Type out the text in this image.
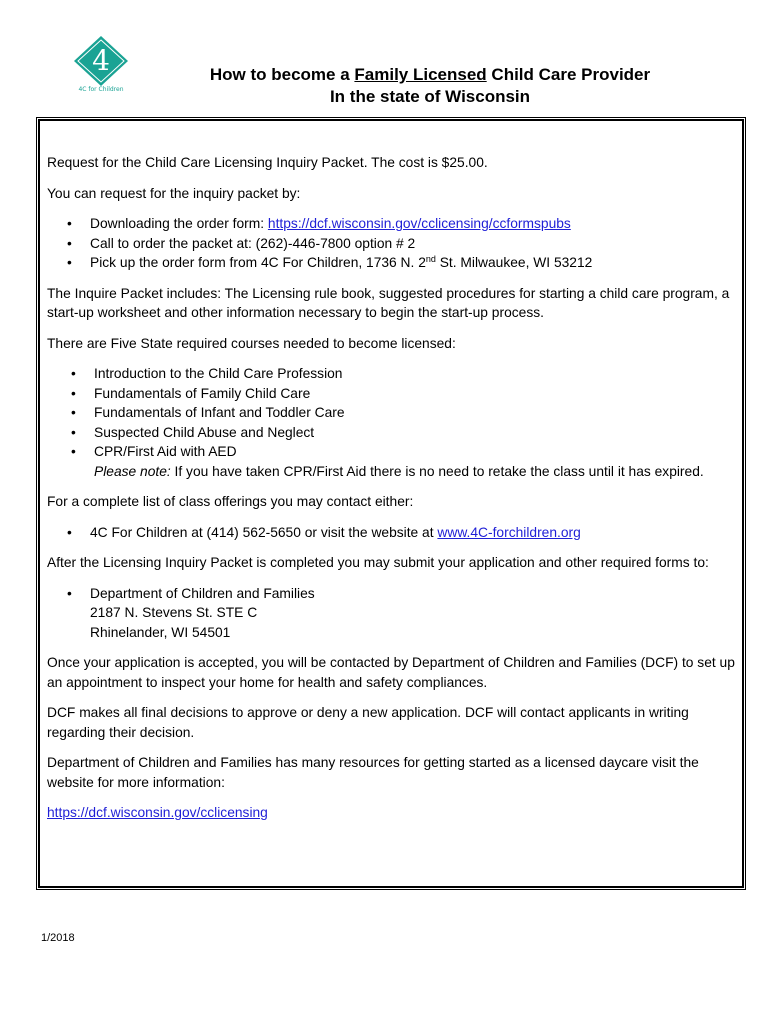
4
4C for Children
How to become a Family Licensed Child Care Provider
In the state of Wisconsin

Request for the Child Care Licensing Inquiry Packet. The cost is $25.00.

You can request for the inquiry packet by:

• Downloading the order form: https://dcf.wisconsin.gov/cclicensing/ccformspubs
• Call to order the packet at: (262)-446-7800 option # 2
• Pick up the order form from 4C For Children, 1736 N. 2nd St. Milwaukee, WI 53212

The Inquire Packet includes: The Licensing rule book, suggested procedures for starting a child care program, a start-up worksheet and other information necessary to begin the start-up process.

There are Five State required courses needed to become licensed:

• Introduction to the Child Care Profession
• Fundamentals of Family Child Care
• Fundamentals of Infant and Toddler Care
• Suspected Child Abuse and Neglect
• CPR/First Aid with AED
Please note: If you have taken CPR/First Aid there is no need to retake the class until it has expired.

For a complete list of class offerings you may contact either:

• 4C For Children at (414) 562-5650 or visit the website at www.4C-forchildren.org

After the Licensing Inquiry Packet is completed you may submit your application and other required forms to:

• Department of Children and Families
2187 N. Stevens St. STE C
Rhinelander, WI 54501

Once your application is accepted, you will be contacted by Department of Children and Families (DCF) to set up an appointment to inspect your home for health and safety compliances.

DCF makes all final decisions to approve or deny a new application. DCF will contact applicants in writing regarding their decision.

Department of Children and Families has many resources for getting started as a licensed daycare visit the website for more information:

https://dcf.wisconsin.gov/cclicensing

1/2018
